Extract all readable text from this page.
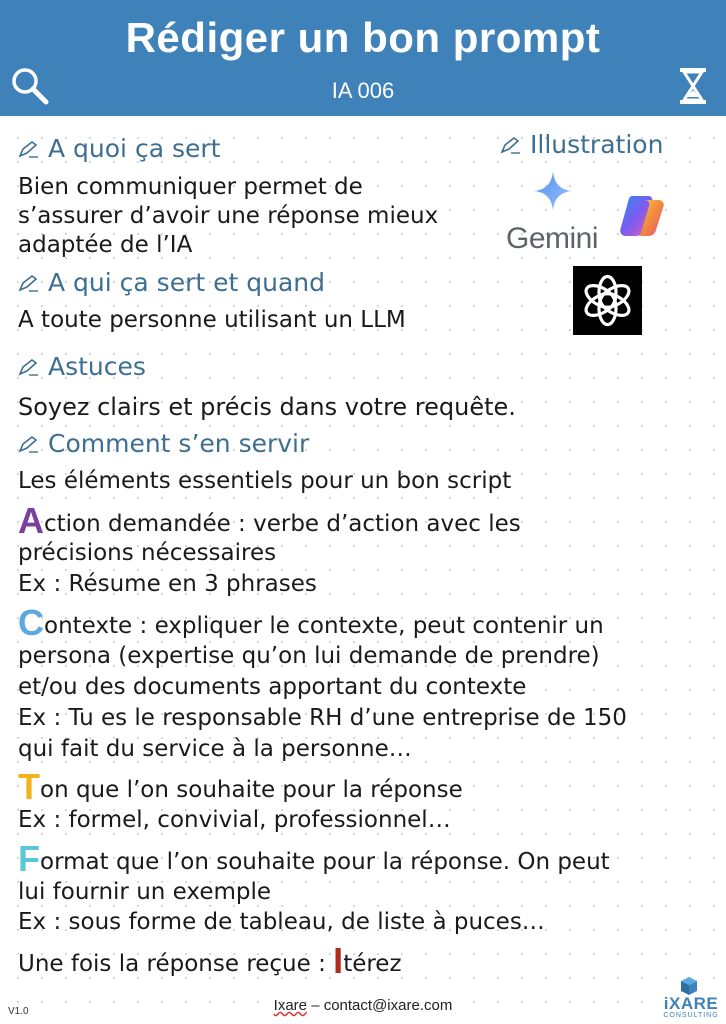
Rédiger un bon prompt
IA 006
A quoi ça sert
Bien communiquer permet de
s’assurer d’avoir une réponse mieux
adaptée de l’IA
A qui ça sert et quand
A toute personne utilisant un LLM
Astuces
Soyez clairs et précis dans votre requête.
Comment s’en servir
Les éléments essentiels pour un bon script
Action demandée : verbe d’action avec les
précisions nécessaires
Ex : Résume en 3 phrases
Contexte : expliquer le contexte, peut contenir un
persona (expertise qu’on lui demande de prendre)
et/ou des documents apportant du contexte
Ex : Tu es le responsable RH d’une entreprise de 150
qui fait du service à la personne…
Ton que l’on souhaite pour la réponse
Ex : formel, convivial, professionnel…
Format que l’on souhaite pour la réponse. On peut
lui fournir un exemple
Ex : sous forme de tableau, de liste à puces…
Une fois la réponse reçue : Itérez
Illustration
Gemini
Ixare – contact@ixare.com
V1.0	iXARE
CONSULTING
